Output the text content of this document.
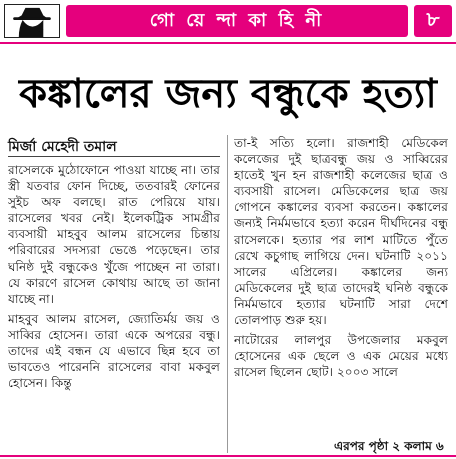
গো য়ে ন্দা কা হি নী	৮
কঙ্কালের জন্য বন্ধুকে হত্যা
মির্জা মেহেদী তমাল

রাসেলকে মুঠোফোনে পাওয়া যাচ্ছে না। তার স্ত্রী যতবার ফোন দিচ্ছে, ততবারই ফোনের সুইচ অফ বলছে। রাত পেরিয়ে যায়। রাসেলের খবর নেই। ইলেকট্রিক সামগ্রীর ব্যবসায়ী মাহবুব আলম রাসেলের চিন্তায় পরিবারের সদস্যরা ভেঙে পড়েছেন। তার ঘনিষ্ঠ দুই বন্ধুকেও খুঁজে পাচ্ছেন না তারা। যে কারণে রাসেল কোথায় আছে তা জানা যাচ্ছে না।

মাহবুব আলম রাসেল, জ্যোতির্ময় জয় ও সাব্বির হোসেন। তারা একে অপরের বন্ধু। তাদের এই বন্ধন যে এভাবে ছিন্ন হবে তা ভাবতেও পারেননি রাসেলের বাবা মকবুল হোসেন। কিন্তু

তা-ই সত্যি হলো। রাজশাহী মেডিকেল কলেজের দুই ছাত্রবন্ধু জয় ও সাব্বিরের হাতেই খুন হন রাজশাহী কলেজের ছাত্র ও ব্যবসায়ী রাসেল। মেডিকেলের ছাত্র জয় গোপনে কঙ্কালের ব্যবসা করতেন। কঙ্কালের জন্যই নির্মমভাবে হত্যা করেন দীর্ঘদিনের বন্ধু রাসেলকে। হত্যার পর লাশ মাটিতে পুঁতে রেখে কচুগাছ লাগিয়ে দেন। ঘটনাটি ২০১১ সালের এপ্রিলের। কঙ্কালের জন্য মেডিকেলের দুই ছাত্র তাদেরই ঘনিষ্ঠ বন্ধুকে নির্মমভাবে হত্যার ঘটনাটি সারা দেশে তোলপাড় শুরু হয়।

নাটোরের লালপুর উপজেলার মকবুল হোসেনের এক ছেলে ও এক মেয়ের মধ্যে রাসেল ছিলেন ছোট। ২০০৩ সালে

এরপর পৃষ্ঠা ২ কলাম ৬
